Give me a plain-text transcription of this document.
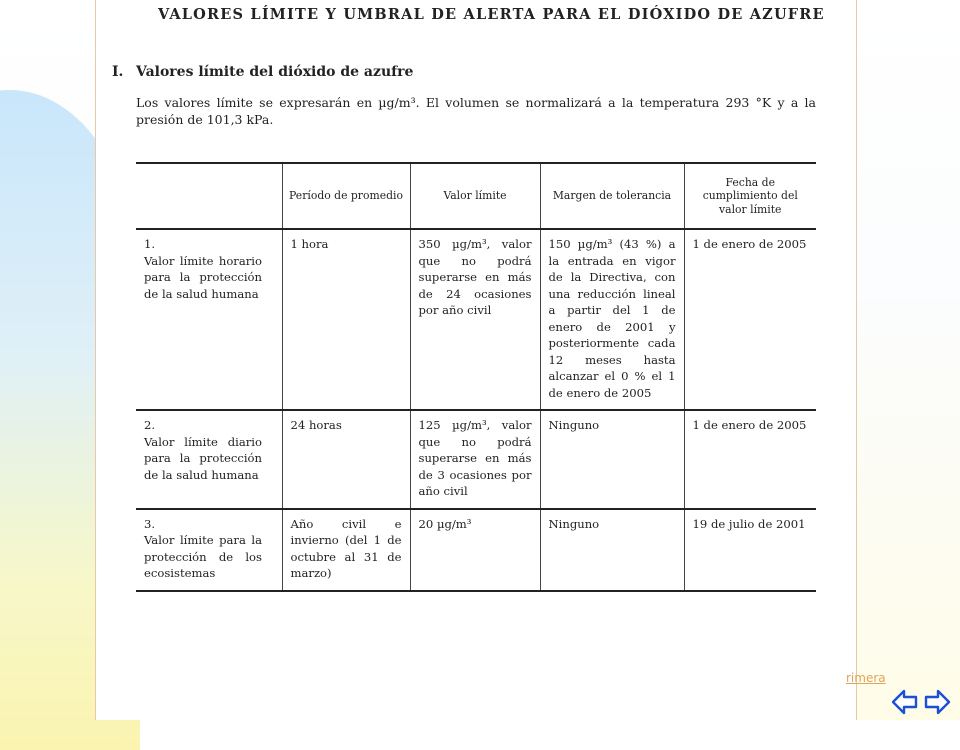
VALORES LÍMITE Y UMBRAL DE ALERTA PARA EL DIÓXIDO DE AZUFRE
I. Valores límite del dióxido de azufre
Los valores límite se expresarán en µg/m³. El volumen se normalizará a la temperatura 293 °K y a la presión de 101,3 kPa.
	Período de promedio	Valor límite	Margen de tolerancia	Fecha de cumplimiento del valor límite
1.Valor límite horario para la protección de la salud humana	1 hora	350 µg/m³, valor que no podrá superarse en más de 24 ocasiones por año civil	150 µg/m³ (43 %) a la entrada en vigor de la Directiva, con una reducción lineal a partir del 1 de enero de 2001 y posteriormente cada 12 meses hasta alcanzar el 0 % el 1 de enero de 2005	1 de enero de 2005
2.Valor límite diario para la protección de la salud humana	24 horas	125 µg/m³, valor que no podrá superarse en más de 3 ocasiones por año civil	Ninguno	1 de enero de 2005
3.Valor límite para la protección de los ecosistemas	Año civil e invierno (del 1 de octubre al 31 de marzo)	20 µg/m³	Ninguno	19 de julio de 2001
rimera
